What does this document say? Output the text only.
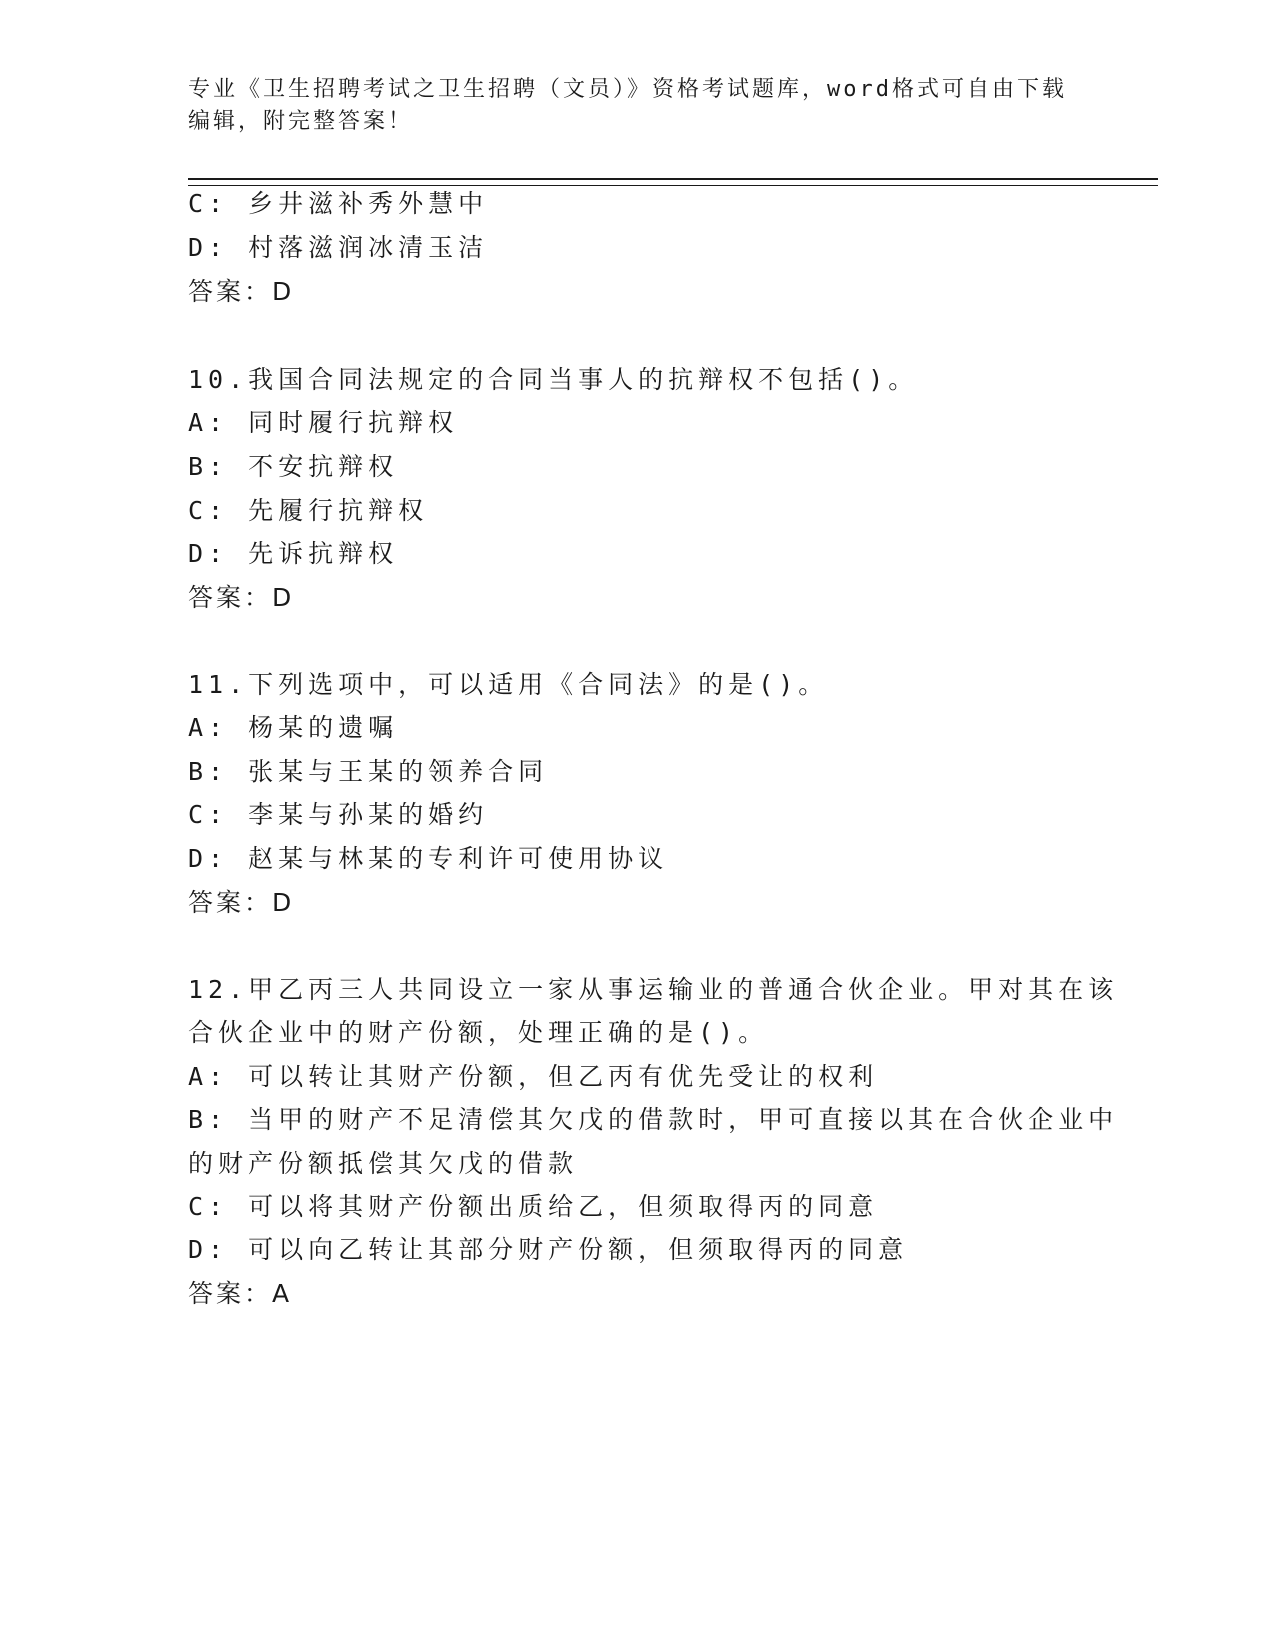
专业《卫生招聘考试之卫生招聘（文员）》资格考试题库，word格式可自由下载
编辑，附完整答案！
C: 乡井滋补秀外慧中
D: 村落滋润冰清玉洁
答案：D
10.我国合同法规定的合同当事人的抗辩权不包括()。
A: 同时履行抗辩权
B: 不安抗辩权
C: 先履行抗辩权
D: 先诉抗辩权
答案：D
11.下列选项中，可以适用《合同法》的是()。
A: 杨某的遗嘱
B: 张某与王某的领养合同
C: 李某与孙某的婚约
D: 赵某与林某的专利许可使用协议
答案：D
12.甲乙丙三人共同设立一家从事运输业的普通合伙企业。甲对其在该
合伙企业中的财产份额，处理正确的是()。
A: 可以转让其财产份额，但乙丙有优先受让的权利
B: 当甲的财产不足清偿其欠戊的借款时，甲可直接以其在合伙企业中
的财产份额抵偿其欠戊的借款
C: 可以将其财产份额出质给乙，但须取得丙的同意
D: 可以向乙转让其部分财产份额，但须取得丙的同意
答案：A
